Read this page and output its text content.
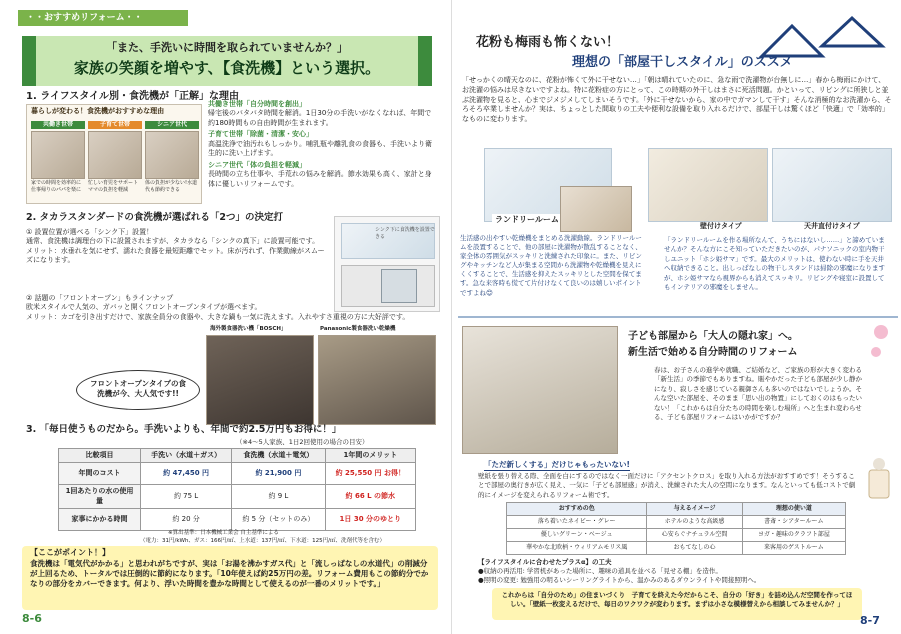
・・おすすめリフォーム・・
「また、手洗いに時間を取られていませんか？」
家族の笑顔を増やす、【食洗機】という選択。
1. ライフスタイル別・食洗機が「正解」な理由
暮らしが変わる！食洗機がおすすめな理由
共働き世帯
家での時間を効率的に仕事帰りのパパを楽に
子育て世帯
忙しい育児をサポートママの負担を軽減
シニア世代
体の負担が少ない!水道代も節約できる
共働き世帯「自分時間を創出」
帰宅後のバタバタ時間を解消。1日30分の手洗いがなくなれば、年間で約180時間もの自由時間が生まれます。
子育て世帯「除菌・清潔・安心」
高温洗浄で油汚れもしっかり。哺乳瓶や離乳食の食器も、手洗いより衛生的に洗い上げます。
シニア世代「体の負担を軽減」
長時間の立ち仕事や、手荒れの悩みを解消。節水効果も高く、家計と身体に優しいリフォームです。
2. タカラスタンダードの食洗機が選ばれる「2つ」の決定打
① 設置位置が選べる「シンク下」設置！
通常、食洗機は調理台の下に設置されますが、タカラなら「シンクの真下」に設置可能です。
メリット：水垂れを気にせず、濡れた食器を最短距離でセット。床が汚れず、作業動線がスムーズになります。
シンク下に食洗機を設置できる
② 話題の「フロントオープン」もラインナップ
欧米スタイルで人気の、ガバッと開くフロントオープンタイプが選べます。
メリット：カゴを引き出すだけで、家族全員分の食器や、大きな鍋も一気に洗えます。入れやすさ重視の方に大好評です。
海外製食器洗い機「BOSCH」	Panasonic製食器洗い乾燥機
フロントオープンタイプの食洗機が今、大人気です!!
3. 「毎日使うものだから。手洗いよりも、年間で約2.5万円もお得に！」
（※4～5人家族、1日2回使用の場合の目安）
比較項目	手洗い（水道＋ガス）	食洗機（水道＋電気）	1年間のメリット
年間のコスト	約 47,450 円	約 21,900 円	約 25,550 円 お得！
1回あたりの水の使用量	約 75 L	約 9 L	約 66 L の節水
家事にかかる時間	約 20 分	約 5 分（セットのみ）	1日 30 分のゆとり
※算出基準：日本機械工業会 自主基準による
（電力：31円/kWh、ガス：166円/㎥、上水道：137円/㎥、下水道：125円/㎥、洗剤代等を含む）
【ここがポイント！】
食洗機は「電気代がかかる」と思われがちですが、実は「お湯を沸かすガス代」と「流しっぱなしの水道代」の削減分が上回るため、トータルでは圧倒的に節約になります。「10年使えば約25万円の差。リフォーム費用もこの節約分でかなりの部分をカバーできます。何より、浮いた時間を豊かな時間として使えるのが一番のメリットです。」
8-6
花粉も梅雨も怖くない！
理想の「部屋干しスタイル」のススメ
「せっかくの晴天なのに、花粉が怖くて外に干せない…」「朝は晴れていたのに、急な雨で洗濯物が台無しに…」春から梅雨にかけて、お洗濯の悩みは尽きないですよね。特に花粉症の方にとって、この時期の外干しはまさに死活問題。かといって、リビングに所狭しと並ぶ洗濯物を見ると、心までジメジメしてしまいそうです。「外に干せないから、家の中でガマンして干す」そんな消極的なお洗濯から、そろそろ卒業しませんか？実は、ちょっとした間取りの工夫や便利な設備を取り入れるだけで、部屋干しは驚くほど「快適」で「効率的」なものに変わります。
ランドリールーム
生活感の出やすい乾燥機をまとめる洗濯動線。ランドリールームを設置することで、他の部屋に洗濯物が散乱することなく、家全体の雰囲気がスッキリと洗練された印象に。また、リビングやキッチンなど人が集まる空間から洗濯物や乾燥機を見えにくくすることで、生活感を抑えたスッキリとした空間を保てます。急な来客時も慌てて片付けなくて良いのは嬉しいポイントですよね😊
壁付けタイプ	天井直付けタイプ
「ランドリールームを作る場所なんて、うちにはないし……」と諦めていませんか？そんな方にこそ知っていただきたいのが、パナソニックの室内物干しユニット「ホシ姫サマ」です。最大のメリットは、使わない時に手を天井へ収納できること。出しっぱなしの物干しスタンドは掃除の邪魔になりますが、ホシ姫サマなら視界からも消えてスッキリ。リビングや寝室に設置してもインテリアの邪魔をしません。
子ども部屋から「大人の隠れ家」へ。
新生活で始める自分時間のリフォーム
春は、お子さんの進学や就職、ご結婚など、ご家族の形が大きく変わる「新生活」の季節でもありますね。賑やかだった子ども部屋が少し静かになり、寂しさを感じている親御さんも多いのではないでしょうか。そんな空いた部屋を、そのまま「思い出の物置」にしておくのはもったいない！「これからは自分たちの時間を楽しむ場所」へと生まれ変わらせる、子ども部屋リフォームはいかがですか？
「ただ新しくする」だけじゃもったいない!
壁紙を張り替える際、全面を白にするのではなく一面だけに「アクセントクロス」を取り入れる方法がおすすめです！そうすることで部屋の奥行きが広く見え、一気に「子ども部屋感」が消え、洗練された大人の空間になります。なんといっても低コストで劇的にイメージを変えられるリフォーム術です。
おすすめの色	与えるイメージ	理想の使い道
落ち着いたネイビー・グレー	ホテルのような高級感	書斎・シアタールーム
優しいグリーン・ベージュ	心安らぐナチュラル空間	ヨガ・趣味のクラフト部屋
華やかな北欧柄・ウィリアムモリス風	おもてなしの心	来客用のゲストルーム
【ライフスタイルに合わせたプラスα】の工夫
●収納の再活用: 学習机があった場所に、趣味の道具を並べる「見せる棚」を造作。
●照明の変更: 勉強用の明るいシーリングライトから、温かみのあるダウンライトや間接照明へ。
これからは「自分のため」の住まいづくり　子育てを終えた今だからこそ、自分の「好き」を詰め込んだ空間を作ってほしい。「壁紙一枚変えるだけで、毎日のワクワクが変わります。まずは小さな模様替えから相談してみませんか？」
8-7
